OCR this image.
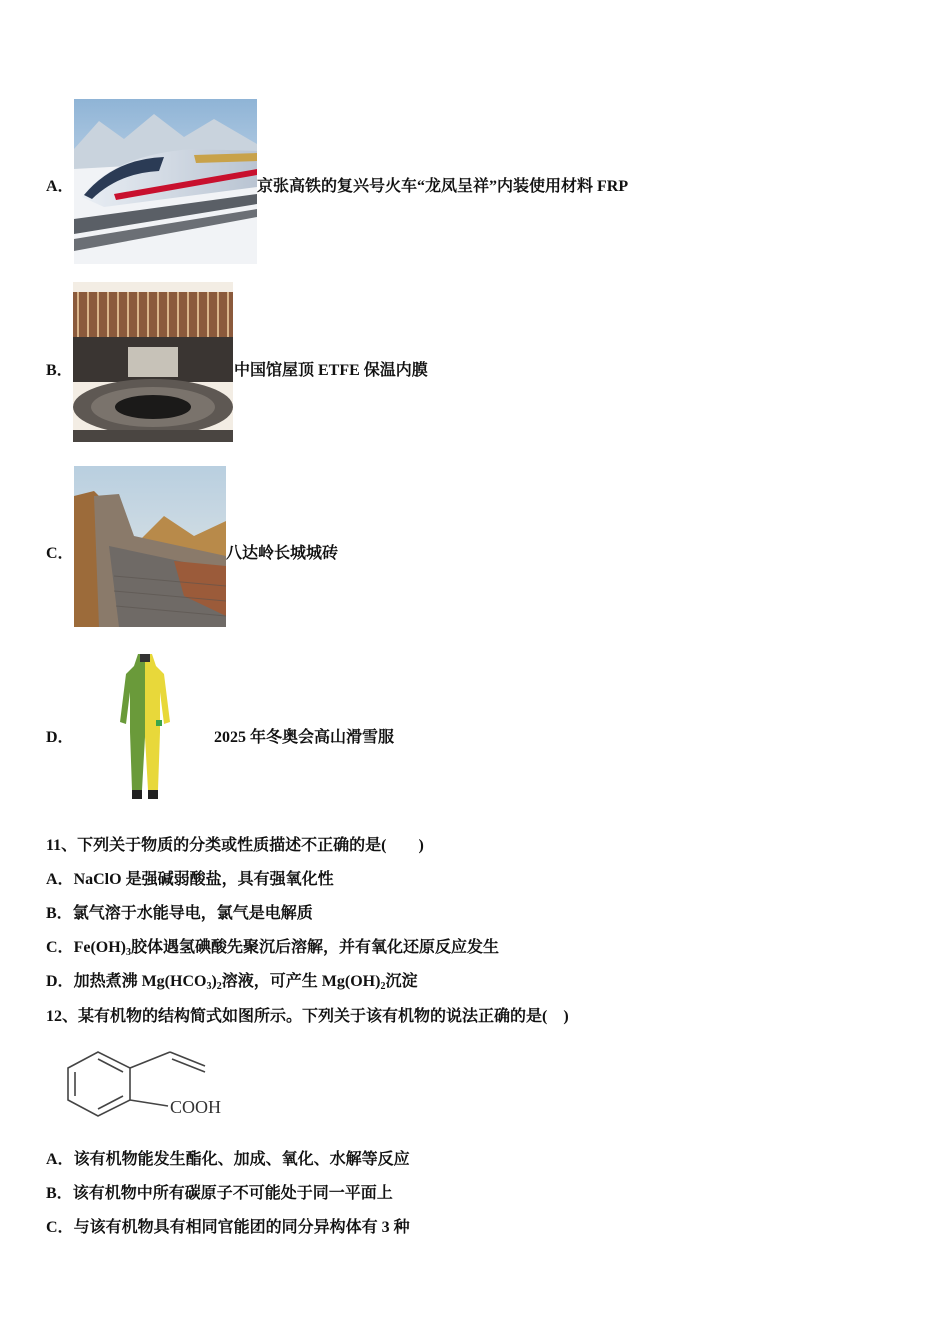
A．	京张高铁的复兴号火车“龙凤呈祥”内装使用材料 FRP
B．	中国馆屋顶 ETFE 保温内膜
C．	八达岭长城城砖
D．	2025 年冬奥会高山滑雪服
11、下列关于物质的分类或性质描述不正确的是(　　)
A．NaClO 是强碱弱酸盐，具有强氧化性
B．氯气溶于水能导电，氯气是电解质
C．$Fe(OH)_3$胶体遇氢碘酸先聚沉后溶解，并有氧化还原反应发生
D．加热煮沸 $Mg(HCO_3)_2$溶液，可产生 $Mg(OH)_2$沉淀
12、某有机物的结构简式如图所示。下列关于该有机物的说法正确的是(　)
COOH
A．该有机物能发生酯化、加成、氧化、水解等反应
B．该有机物中所有碳原子不可能处于同一平面上
C．与该有机物具有相同官能团的同分异构体有 3 种
